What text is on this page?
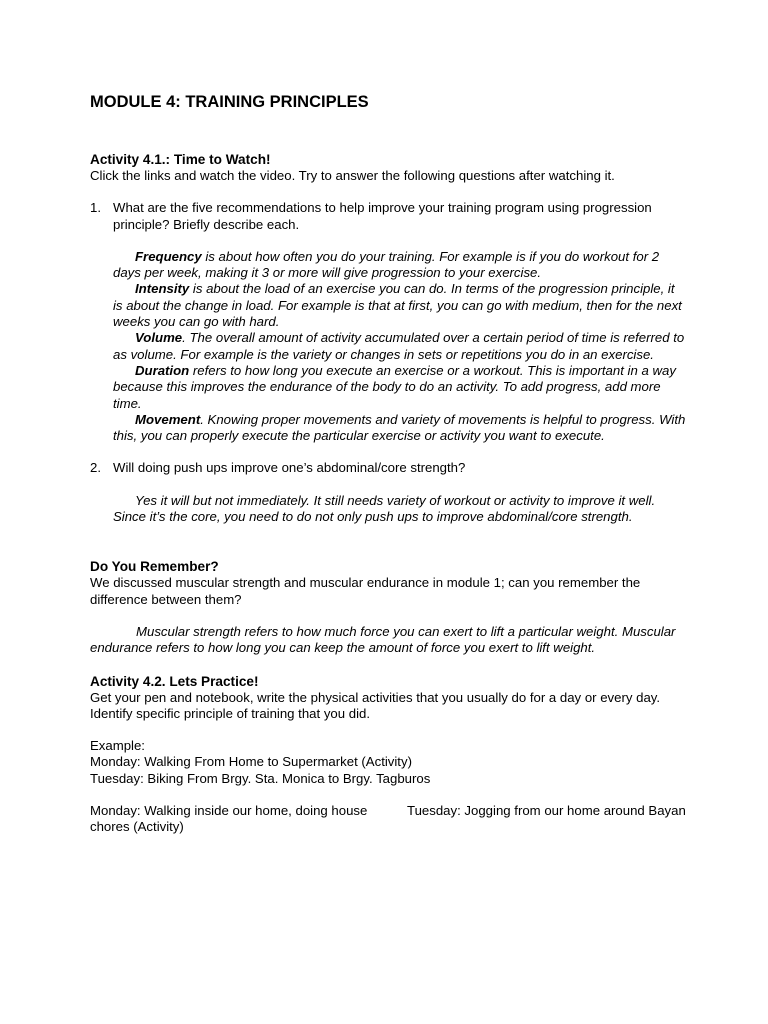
MODULE 4: TRAINING PRINCIPLES
Activity 4.1.: Time to Watch!

Click the links and watch the video. Try to answer the following questions after watching it.

1. What are the five recommendations to help improve your training program using progression principle? Briefly describe each.

Frequency is about how often you do your training. For example is if you do workout for 2 days per week, making it 3 or more will give progression to your exercise.

Intensity is about the load of an exercise you can do. In terms of the progression principle, it is about the change in load. For example is that at first, you can go with medium, then for the next weeks you can go with hard.

Volume. The overall amount of activity accumulated over a certain period of time is referred to as volume. For example is the variety or changes in sets or repetitions you do in an exercise.

Duration refers to how long you execute an exercise or a workout. This is important in a way because this improves the endurance of the body to do an activity. To add progress, add more time.

Movement. Knowing proper movements and variety of movements is helpful to progress. With this, you can properly execute the particular exercise or activity you want to execute.

2. Will doing push ups improve one’s abdominal/core strength?

Yes it will but not immediately. It still needs variety of workout or activity to improve it well. Since it’s the core, you need to do not only push ups to improve abdominal/core strength.

Do You Remember?

We discussed muscular strength and muscular endurance in module 1; can you remember the difference between them?

Muscular strength refers to how much force you can exert to lift a particular weight. Muscular endurance refers to how long you can keep the amount of force you exert to lift weight.

Activity 4.2. Lets Practice!

Get your pen and notebook, write the physical activities that you usually do for a day or every day. Identify specific principle of training that you did.

Example:

Monday: Walking From Home to Supermarket (Activity)

Tuesday: Biking From Brgy. Sta. Monica to Brgy. Tagburos

Monday: Walking inside our home, doing house chores (Activity)

Tuesday: Jogging from our home around Bayan
